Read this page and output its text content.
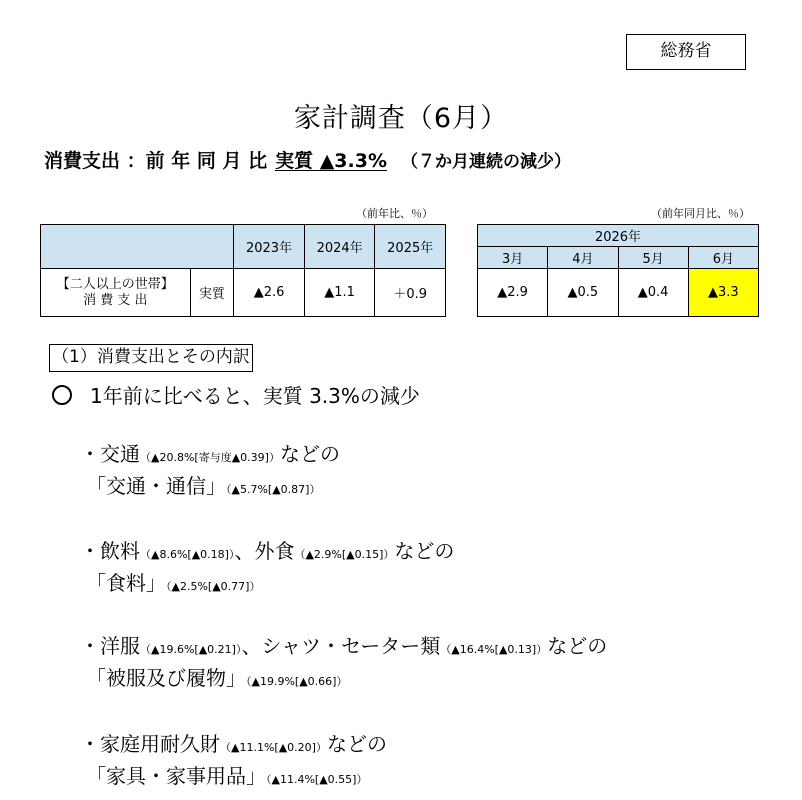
総務省
家計調査（6月）
消費支出 ：前 年 同 月 比 実質 ▲3.3% （７か月連続の減少）
（前年比、％）
		2023年	2024年	2025年

【二人以上の世帯】
消 費 支 出	実質	▲2.6	▲1.1	＋0.9
（前年同月比、％）
2026年			
3月	4月	5月	6月
▲2.9	▲0.5	▲0.4	▲3.3
（1）消費支出とその内訳
1年前に比べると、実質 3.3%の減少
・交通（▲20.8%[寄与度▲0.39]）などの
「交通・通信」（▲5.7%[▲0.87]）
・飲料（▲8.6%[▲0.18]）、外食（▲2.9%[▲0.15]）などの
「食料」（▲2.5%[▲0.77]）
・洋服（▲19.6%[▲0.21]）、シャツ・セーター類（▲16.4%[▲0.13]）などの
「被服及び履物」（▲19.9%[▲0.66]）
・家庭用耐久財（▲11.1%[▲0.20]）などの
「家具・家事用品」（▲11.4%[▲0.55]）
